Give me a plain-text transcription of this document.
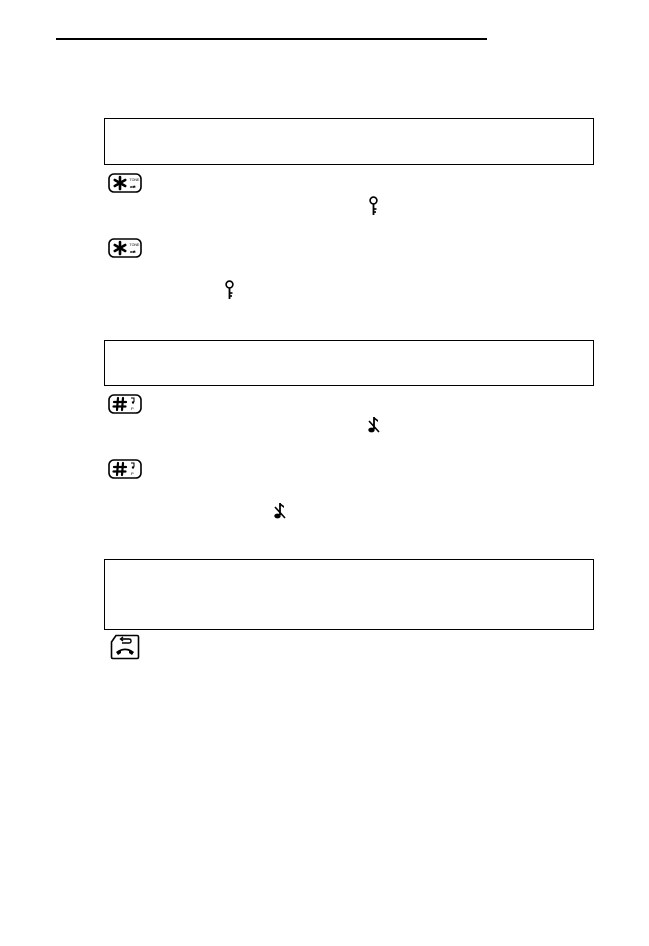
TONE
a⇄
TONE
a⇄
P
P
